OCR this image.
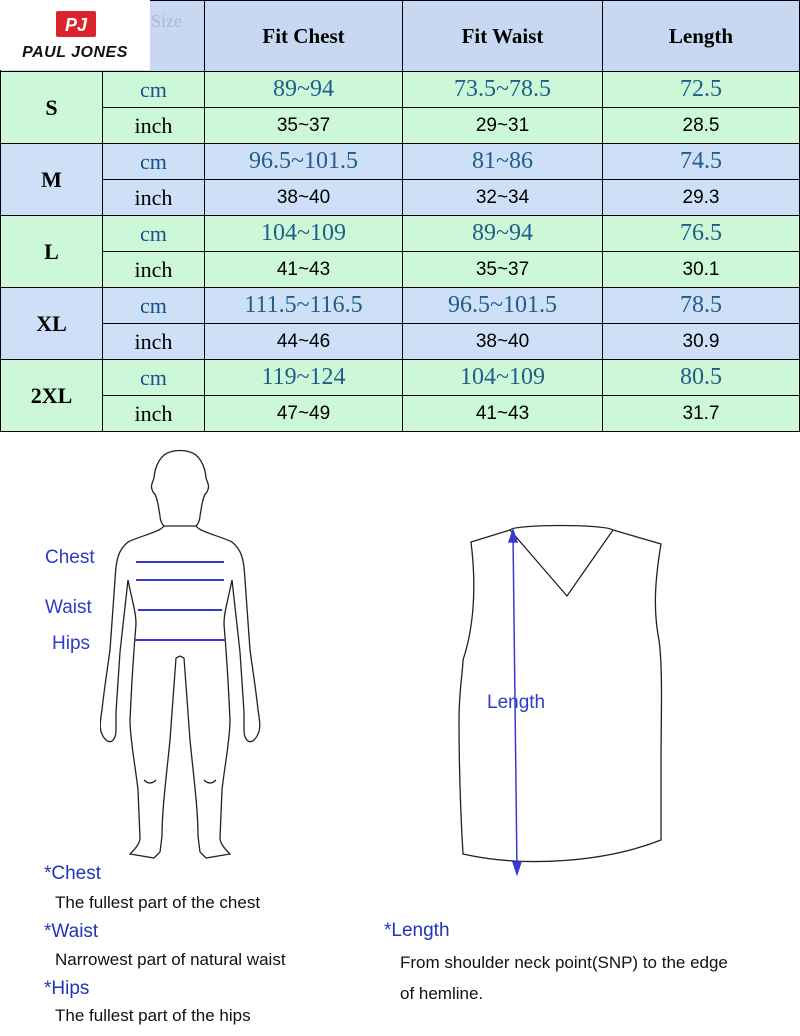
Size
Fit Chest	Fit Waist	Length
S
cm
inch
89~94
35~37
73.5~78.5
29~31
72.5
28.5
M
cm
inch
96.5~101.5
38~40
81~86
32~34
74.5
29.3
L
cm
inch
104~109
41~43
89~94
35~37
76.5
30.1
XL
cm
inch
111.5~116.5
44~46
96.5~101.5
38~40
78.5
30.9
2XL
cm
inch
119~124
47~49
104~109
41~43
80.5
31.7
PJ
PAUL JONES
Chest
Waist
Hips
Length
*Chest
The fullest part of the chest
*Waist
Narrowest part of natural waist
*Hips
The fullest part of the hips
*Length
From shoulder neck point(SNP) to the edge
of hemline.
